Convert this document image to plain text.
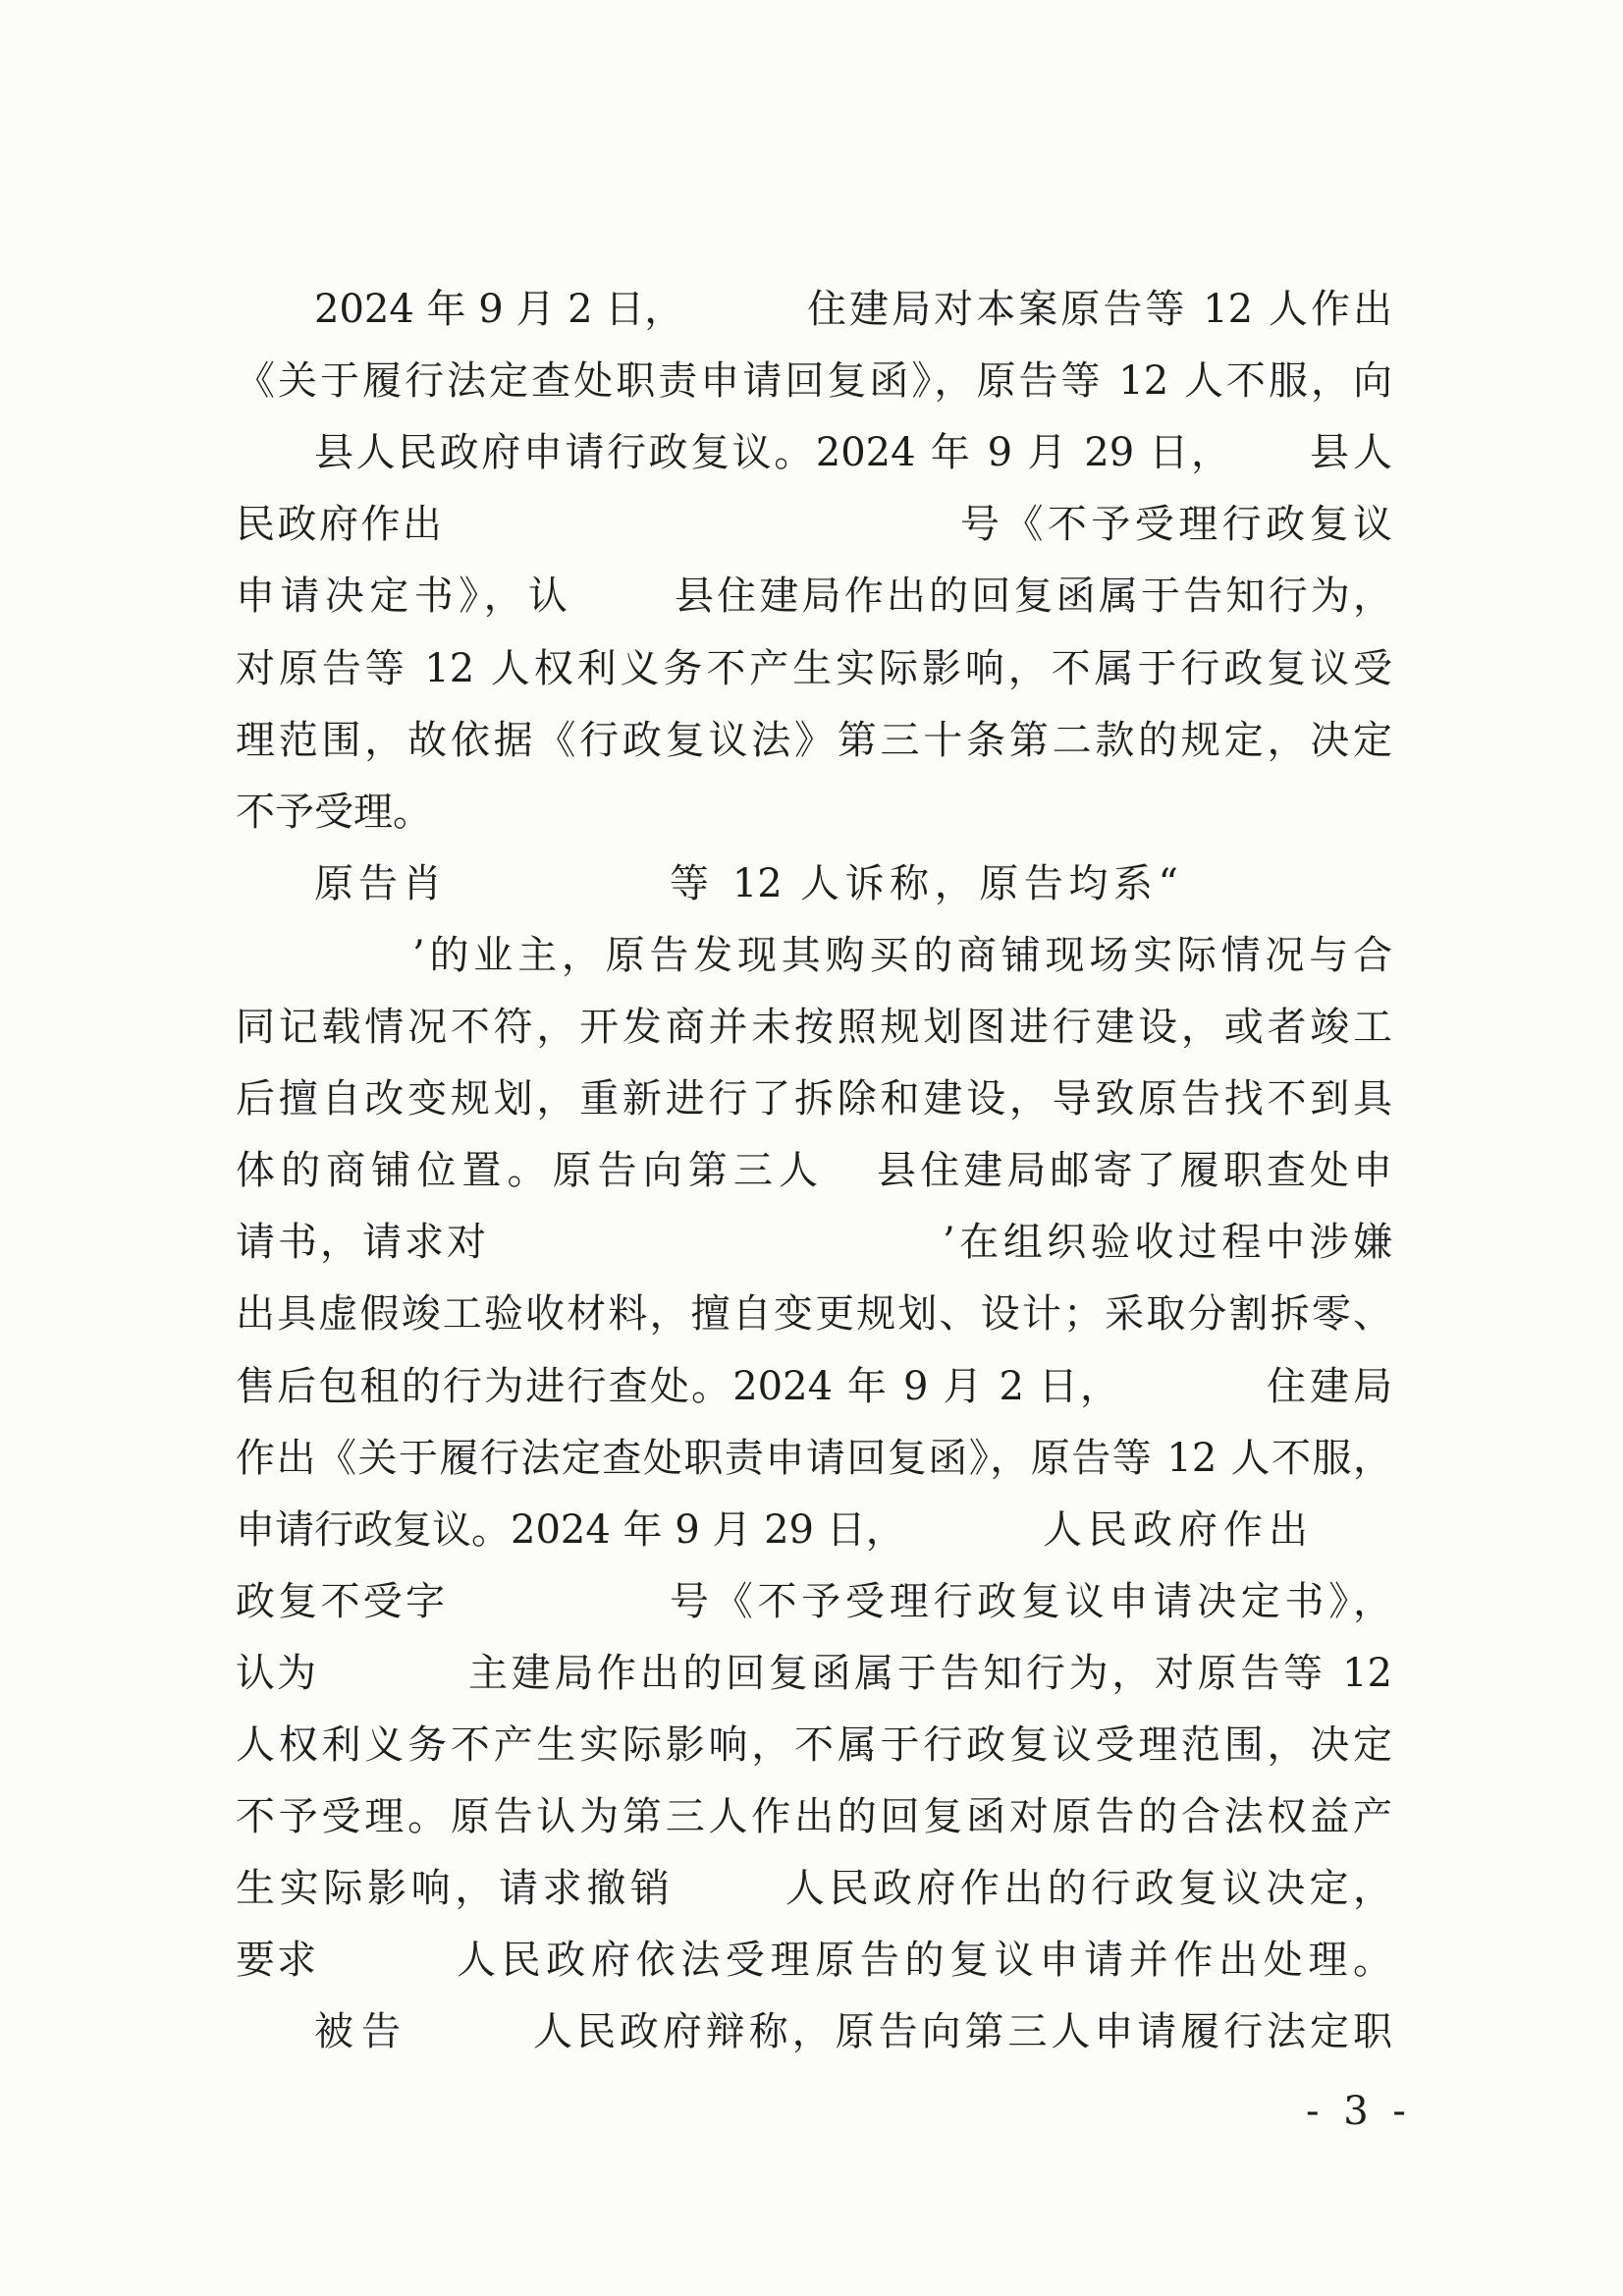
2024 年 9 月 2 日，	住建局对本案原告等 12 人作出
《关于履行法定查处职责申请回复函》，原告等 12 人不服，向
县人民政府申请行政复议。2024 年 9 月 29 日， 县人
民政府作出	号《不予受理行政复议
申请决定书》，认	县住建局作出的回复函属于告知行为，
对原告等 12 人权利义务不产生实际影响，不属于行政复议受
理范围，故依据《行政复议法》第三十条第二款的规定，决定
不予受理。
原告肖	等 12 人诉称，原告均系“
’的业主，原告发现其购买的商铺现场实际情况与合
同记载情况不符，开发商并未按照规划图进行建设，或者竣工
后擅自改变规划，重新进行了拆除和建设，导致原告找不到具
体的商铺位置。原告向第三人 县住建局邮寄了履职查处申
请书，请求对	’在组织验收过程中涉嫌
出具虚假竣工验收材料，擅自变更规划、设计；采取分割拆零、
售后包租的行为进行查处。2024 年 9 月 2 日，	住建局
作出《关于履行法定查处职责申请回复函》，原告等 12 人不服，
申请行政复议。2024 年 9 月 29 日，	人民政府作出
政复不受字	号《不予受理行政复议申请决定书》，
认为	主建局作出的回复函属于告知行为，对原告等 12
人权利义务不产生实际影响，不属于行政复议受理范围，决定
不予受理。原告认为第三人作出的回复函对原告的合法权益产
生实际影响，请求撤销	人民政府作出的行政复议决定，
要求	人民政府依法受理原告的复议申请并作出处理。
被告	人民政府辩称，原告向第三人申请履行法定职
- 3 -
